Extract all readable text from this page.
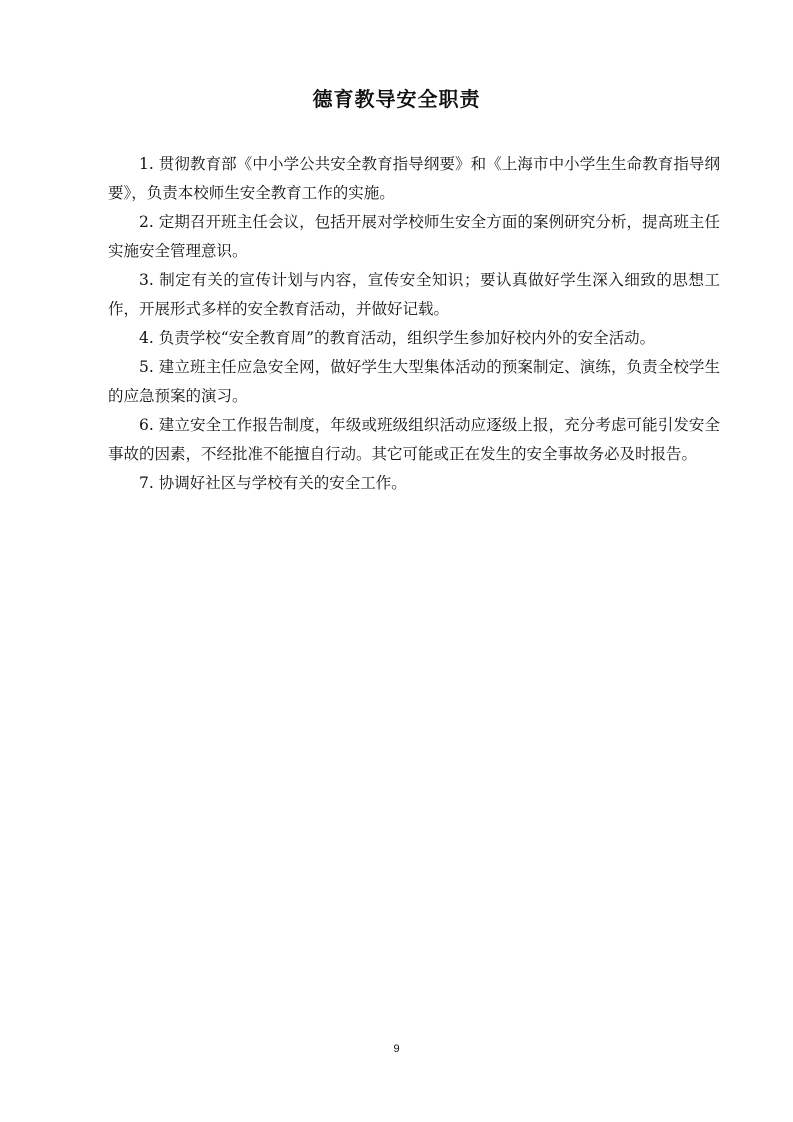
德育教导安全职责

1. 贯彻教育部《中小学公共安全教育指导纲要》和《上海市中小学生生命教育指导纲要》，负责本校师生安全教育工作的实施。

2. 定期召开班主任会议，包括开展对学校师生安全方面的案例研究分析，提高班主任实施安全管理意识。

3. 制定有关的宣传计划与内容，宣传安全知识；要认真做好学生深入细致的思想工作，开展形式多样的安全教育活动，并做好记载。

4. 负责学校“安全教育周”的教育活动，组织学生参加好校内外的安全活动。

5. 建立班主任应急安全网，做好学生大型集体活动的预案制定、演练，负责全校学生的应急预案的演习。

6. 建立安全工作报告制度，年级或班级组织活动应逐级上报，充分考虑可能引发安全事故的因素，不经批准不能擅自行动。其它可能或正在发生的安全事故务必及时报告。

7. 协调好社区与学校有关的安全工作。

9
